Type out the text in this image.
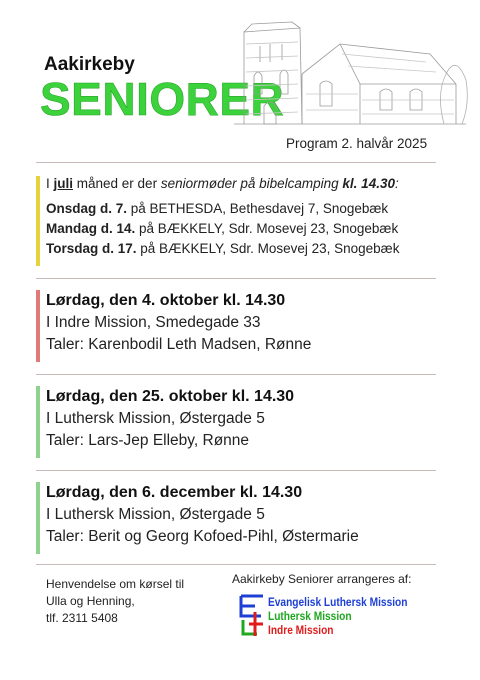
Aakirkeby
SENIORER
Program 2. halvår 2025
I juli måned er der seniormøder på bibelcamping kl. 14.30:
Onsdag d. 7. på BETHESDA, Bethesdavej 7, Snogebæk
Mandag d. 14. på BÆKKELY, Sdr. Mosevej 23, Snogebæk
Torsdag d. 17. på BÆKKELY, Sdr. Mosevej 23, Snogebæk
Lørdag, den 4. oktober kl. 14.30
I Indre Mission, Smedegade 33
Taler: Karenbodil Leth Madsen, Rønne
Lørdag, den 25. oktober kl. 14.30
I Luthersk Mission, Østergade 5
Taler: Lars-Jep Elleby, Rønne
Lørdag, den 6. december kl. 14.30
I Luthersk Mission, Østergade 5
Taler: Berit og Georg Kofoed-Pihl, Østermarie
Henvendelse om kørsel til
Ulla og Henning,
tlf. 2311 5408
Aakirkeby Seniorer arrangeres af:
Evangelisk Luthersk Mission
Luthersk Mission
Indre Mission
